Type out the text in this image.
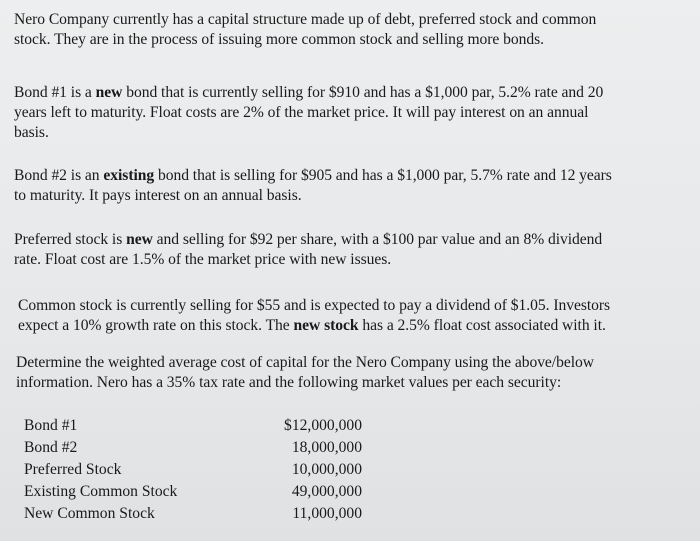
Nero Company currently has a capital structure made up of debt, preferred stock and common
stock. They are in the process of issuing more common stock and selling more bonds.
Bond #1 is a new bond that is currently selling for $910 and has a $1,000 par, 5.2% rate and 20
years left to maturity. Float costs are 2% of the market price. It will pay interest on an annual
basis.
Bond #2 is an existing bond that is selling for $905 and has a $1,000 par, 5.7% rate and 12 years
to maturity. It pays interest on an annual basis.
Preferred stock is new and selling for $92 per share, with a $100 par value and an 8% dividend
rate. Float cost are 1.5% of the market price with new issues.
Common stock is currently selling for $55 and is expected to pay a dividend of $1.05. Investors
expect a 10% growth rate on this stock. The new stock has a 2.5% float cost associated with it.
Determine the weighted average cost of capital for the Nero Company using the above/below
information. Nero has a 35% tax rate and the following market values per each security:
Bond #1	$12,000,000
Bond #2	18,000,000
Preferred Stock	10,000,000
Existing Common Stock	49,000,000
New Common Stock	11,000,000
